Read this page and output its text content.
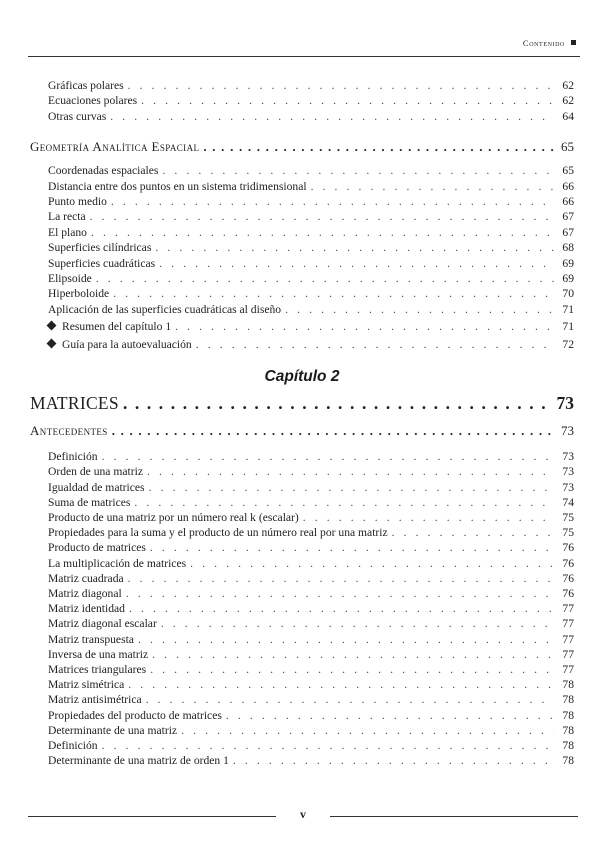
Contenido
Gráficas polares . . .	62
Ecuaciones polares . . .	62
Otras curvas . . .	64
Geometría Analítica Espacial . . .	65
Coordenadas espaciales . . .	65
Distancia entre dos puntos en un sistema tridimensional . . .	66
Punto medio . . .	66
La recta . . .	67
El plano . . .	67
Superficies cilíndricas . . .	68
Superficies cuadráticas . . .	69
Elipsoide . . .	69
Hiperboloide . . .	70
Aplicación de las superficies cuadráticas al diseño . . .	71
Resumen del capítulo 1 . . .	71
Guía para la autoevaluación . . .	72
Capítulo 2
MATRICES . . .	73
Antecedentes . . .	73
Definición . . .	73
Orden de una matriz . . .	73
Igualdad de matrices . . .	73
Suma de matrices . . .	74
Producto de una matriz por un número real k (escalar) . . .	75
Propiedades para la suma y el producto de un número real por una matriz . . .	75
Producto de matrices . . .	76
La multiplicación de matrices . . .	76
Matriz cuadrada . . .	76
Matriz diagonal . . .	76
Matriz identidad . . .	77
Matriz diagonal escalar . . .	77
Matriz transpuesta . . .	77
Inversa de una matriz . . .	77
Matrices triangulares . . .	77
Matriz simétrica . . .	78
Matriz antisimétrica . . .	78
Propiedades del producto de matrices . . .	78
Determinante de una matriz . . .	78
Definición . . .	78
Determinante de una matriz de orden 1 . . .	78
v
